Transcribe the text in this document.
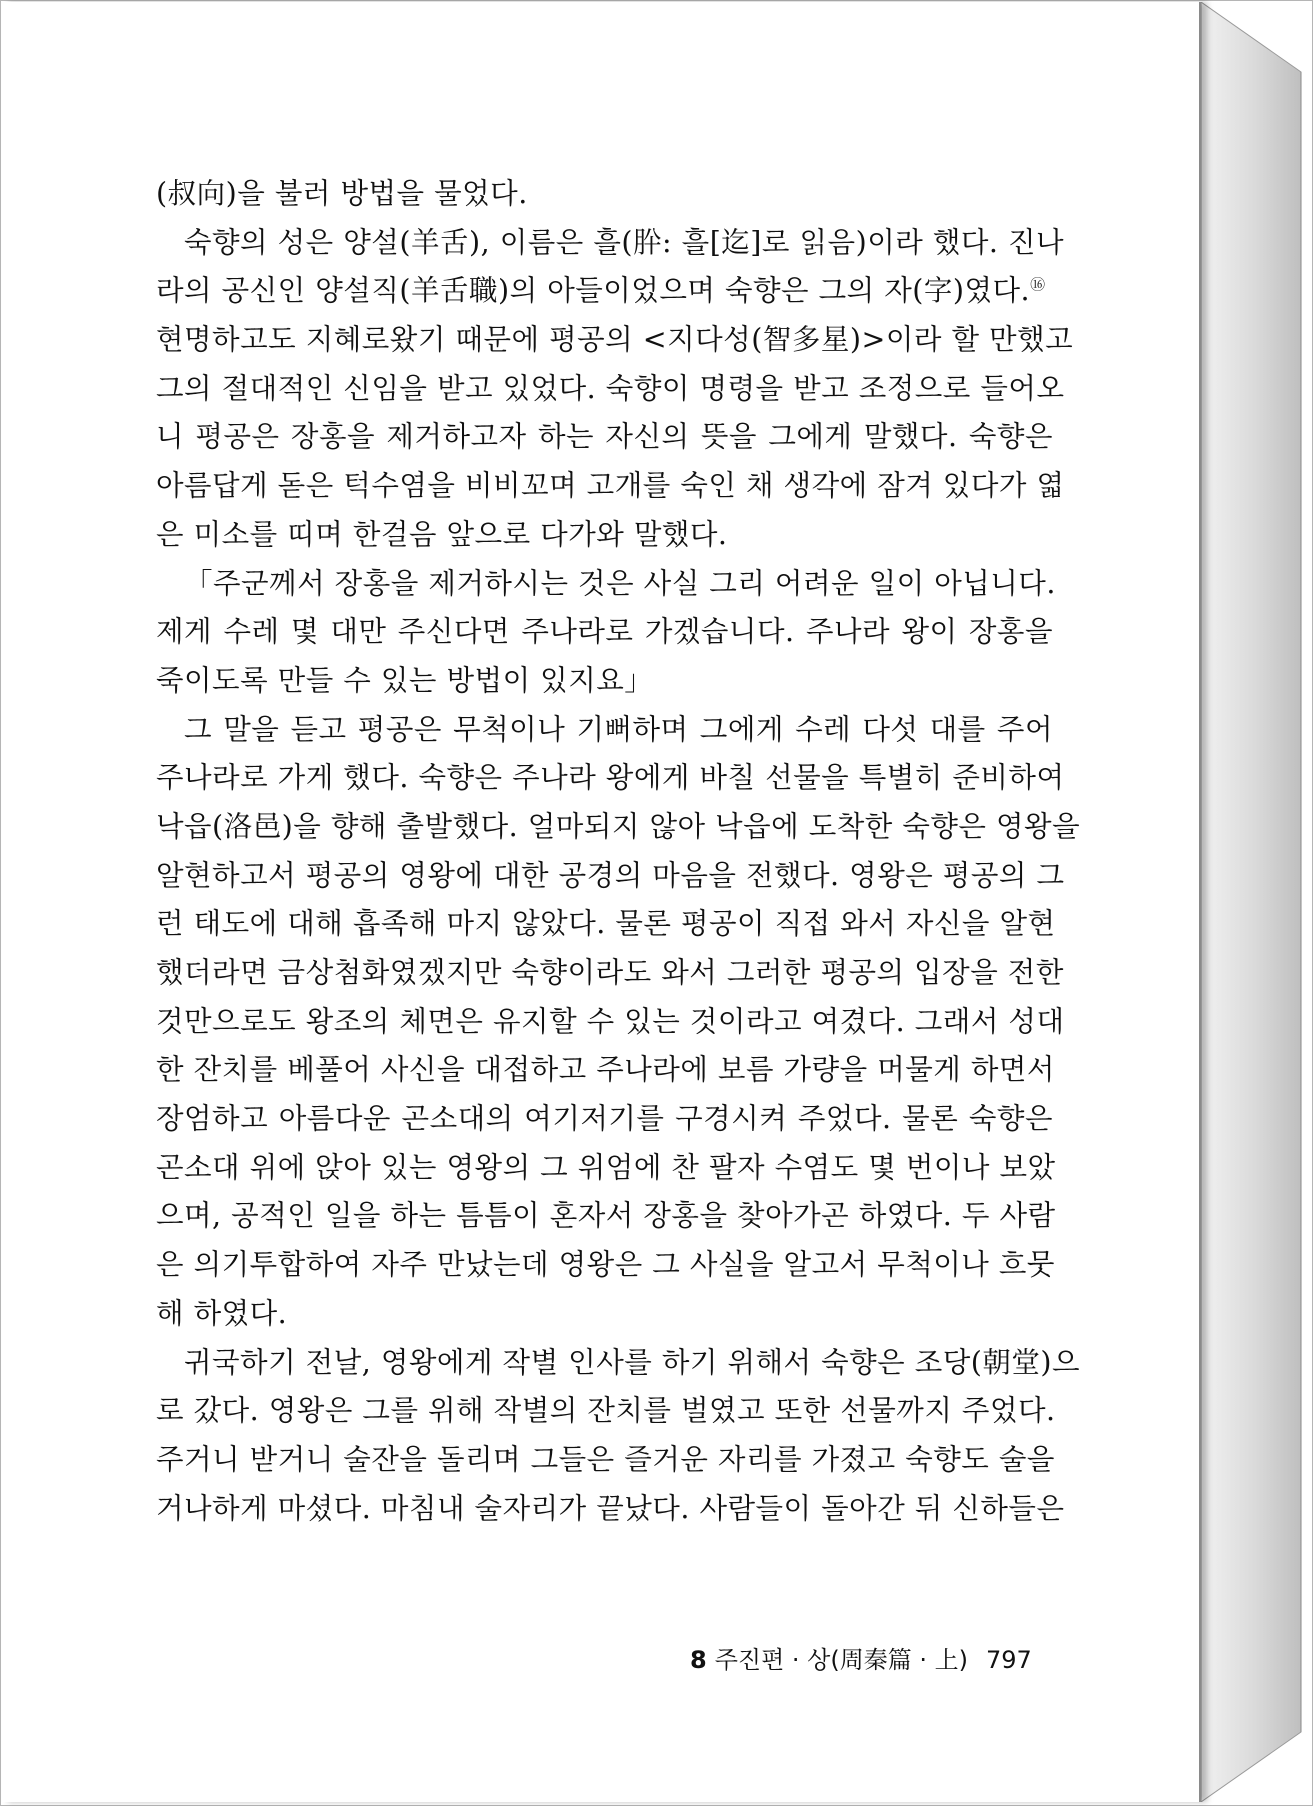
(叔向)을 불러 방법을 물었다.
숙향의 성은 양설(羊舌), 이름은 흘(肸: 흘[迄]로 읽음)이라 했다. 진나
라의 공신인 양설직(羊舌職)의 아들이었으며 숙향은 그의 자(字)였다.⑯
현명하고도 지혜로왔기 때문에 평공의 <지다성(智多星)>이라 할 만했고
그의 절대적인 신임을 받고 있었다. 숙향이 명령을 받고 조정으로 들어오
니 평공은 장홍을 제거하고자 하는 자신의 뜻을 그에게 말했다. 숙향은
아름답게 돋은 턱수염을 비비꼬며 고개를 숙인 채 생각에 잠겨 있다가 엷
은 미소를 띠며 한걸음 앞으로 다가와 말했다.
「주군께서 장홍을 제거하시는 것은 사실 그리 어려운 일이 아닙니다.
제게 수레 몇 대만 주신다면 주나라로 가겠습니다. 주나라 왕이 장홍을
죽이도록 만들 수 있는 방법이 있지요」
그 말을 듣고 평공은 무척이나 기뻐하며 그에게 수레 다섯 대를 주어
주나라로 가게 했다. 숙향은 주나라 왕에게 바칠 선물을 특별히 준비하여
낙읍(洛邑)을 향해 출발했다. 얼마되지 않아 낙읍에 도착한 숙향은 영왕을
알현하고서 평공의 영왕에 대한 공경의 마음을 전했다. 영왕은 평공의 그
런 태도에 대해 흡족해 마지 않았다. 물론 평공이 직접 와서 자신을 알현
했더라면 금상첨화였겠지만 숙향이라도 와서 그러한 평공의 입장을 전한
것만으로도 왕조의 체면은 유지할 수 있는 것이라고 여겼다. 그래서 성대
한 잔치를 베풀어 사신을 대접하고 주나라에 보름 가량을 머물게 하면서
장엄하고 아름다운 곤소대의 여기저기를 구경시켜 주었다. 물론 숙향은
곤소대 위에 앉아 있는 영왕의 그 위엄에 찬 팔자 수염도 몇 번이나 보았
으며, 공적인 일을 하는 틈틈이 혼자서 장홍을 찾아가곤 하였다. 두 사람
은 의기투합하여 자주 만났는데 영왕은 그 사실을 알고서 무척이나 흐뭇
해 하였다.
귀국하기 전날, 영왕에게 작별 인사를 하기 위해서 숙향은 조당(朝堂)으
로 갔다. 영왕은 그를 위해 작별의 잔치를 벌였고 또한 선물까지 주었다.
주거니 받거니 술잔을 돌리며 그들은 즐거운 자리를 가졌고 숙향도 술을
거나하게 마셨다. 마침내 술자리가 끝났다. 사람들이 돌아간 뒤 신하들은
8 주진편 · 상(周秦篇 · 上) 797
